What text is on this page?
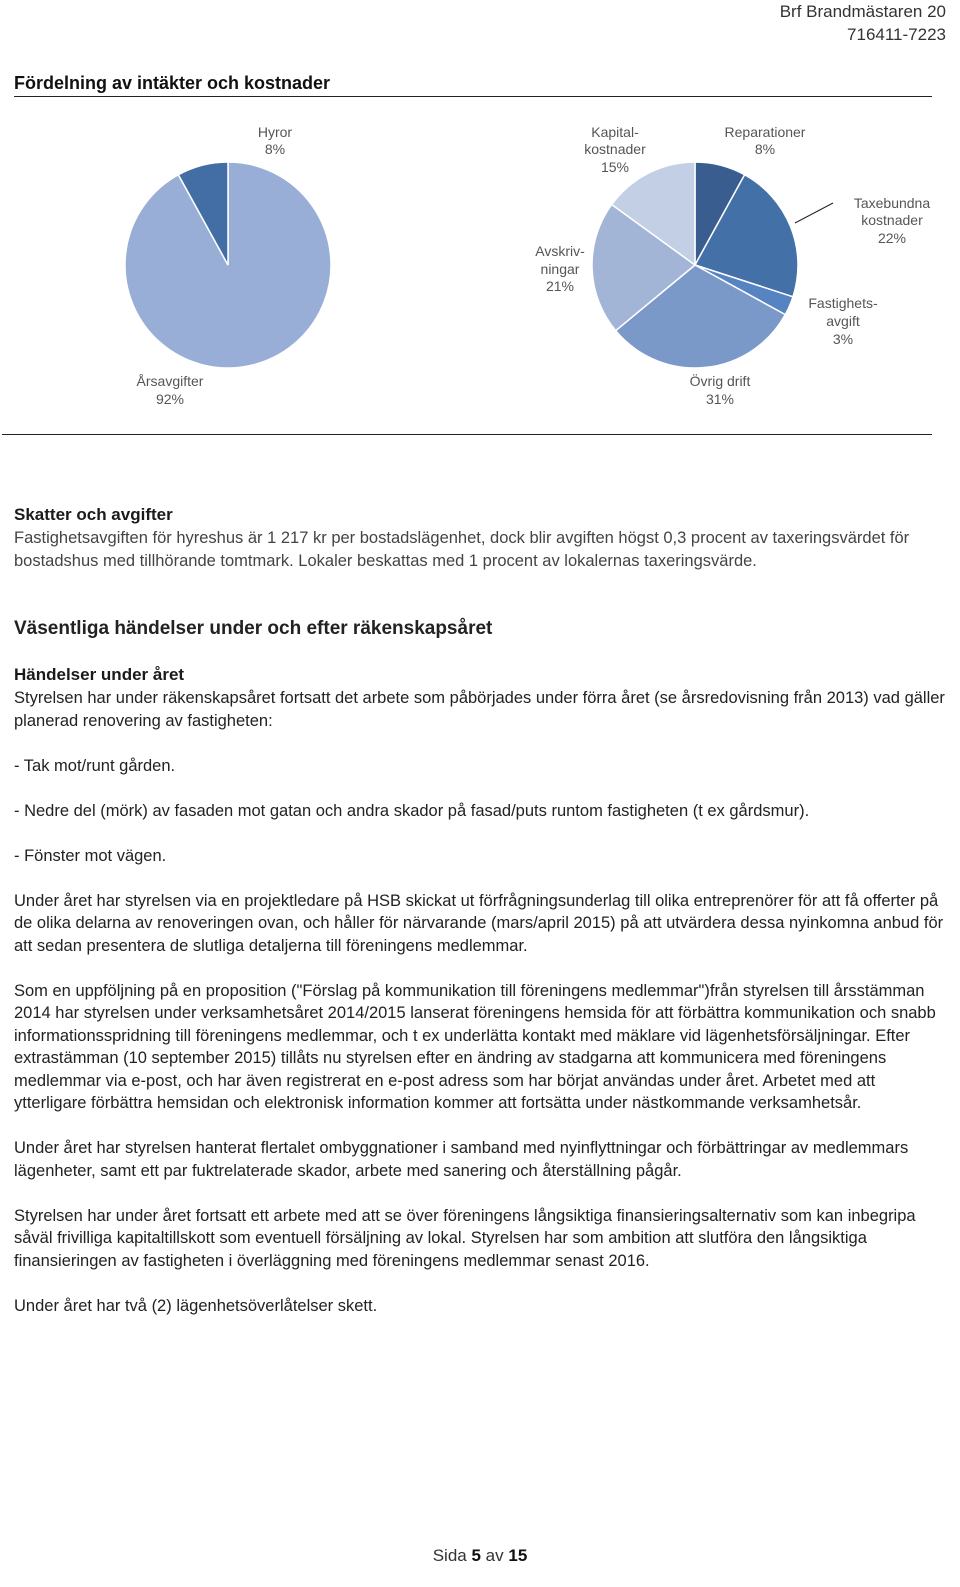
Brf Brandmästaren 20
716411-7223
Fördelning av intäkter och kostnader
Hyror
8%
Årsavgifter
92%
Kapital-
kostnader
15%
Reparationer
8%
Taxebundna
kostnader
22%
Avskriv-
ningar
21%
Fastighets-
avgift
3%
Övrig drift
31%
Skatter och avgifter
Fastighetsavgiften för hyreshus är 1 217 kr per bostadslägenhet, dock blir avgiften högst 0,3 procent av taxeringsvärdet för bostadshus med tillhörande tomtmark. Lokaler beskattas med 1 procent av lokalernas taxeringsvärde.
Väsentliga händelser under och efter räkenskapsåret
Händelser under året

Styrelsen har under räkenskapsåret fortsatt det arbete som påbörjades under förra året (se årsredovisning från 2013) vad gäller planerad renovering av fastigheten:

- Tak mot/runt gården.

- Nedre del (mörk) av fasaden mot gatan och andra skador på fasad/puts runtom fastigheten (t ex gårdsmur).

- Fönster mot vägen.

Under året har styrelsen via en projektledare på HSB skickat ut förfrågningsunderlag till olika entreprenörer för att få offerter på de olika delarna av renoveringen ovan, och håller för närvarande (mars/april 2015) på att utvärdera dessa nyinkomna anbud för att sedan presentera de slutliga detaljerna till föreningens medlemmar.

Som en uppföljning på en proposition ("Förslag på kommunikation till föreningens medlemmar")från styrelsen till årsstämman 2014 har styrelsen under verksamhetsåret 2014/2015 lanserat föreningens hemsida för att förbättra kommunikation och snabb informationsspridning till föreningens medlemmar, och t ex underlätta kontakt med mäklare vid lägenhetsförsäljningar. Efter extrastämman (10 september 2015) tillåts nu styrelsen efter en ändring av stadgarna att kommunicera med föreningens medlemmar via e-post, och har även registrerat en e-post adress som har börjat användas under året. Arbetet med att ytterligare förbättra hemsidan och elektronisk information kommer att fortsätta under nästkommande verksamhetsår.

Under året har styrelsen hanterat flertalet ombyggnationer i samband med nyinflyttningar och förbättringar av medlemmars lägenheter, samt ett par fuktrelaterade skador, arbete med sanering och återställning pågår.

Styrelsen har under året fortsatt ett arbete med att se över föreningens långsiktiga finansieringsalternativ som kan inbegripa såväl frivilliga kapitaltillskott som eventuell försäljning av lokal. Styrelsen har som ambition att slutföra den långsiktiga finansieringen av fastigheten i överläggning med föreningens medlemmar senast 2016.

Under året har två (2) lägenhetsöverlåtelser skett.

Sida 5 av 15
